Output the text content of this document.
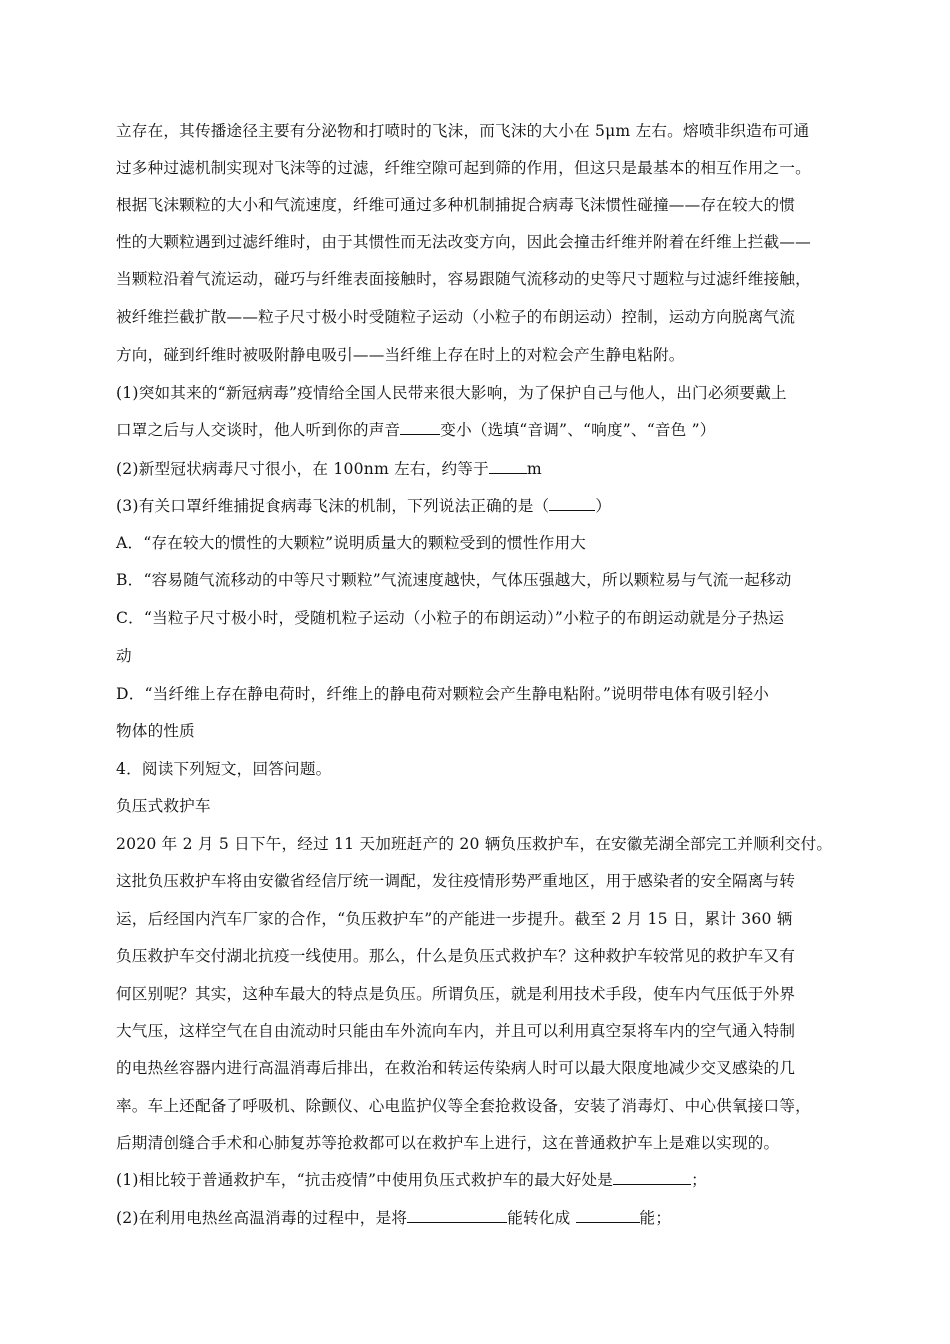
立存在，其传播途径主要有分泌物和打喷时的飞沫，而飞沫的大小在 5μm 左右。熔喷非织造布可通
过多种过滤机制实现对飞沫等的过滤，纤维空隙可起到筛的作用，但这只是最基本的相互作用之一。
根据飞沫颗粒的大小和气流速度，纤维可通过多种机制捕捉合病毒飞沫惯性碰撞——存在较大的惯
性的大颗粒遇到过滤纤维时，由于其惯性而无法改变方向，因此会撞击纤维并附着在纤维上拦截——
当颗粒沿着气流运动，碰巧与纤维表面接触时，容易跟随气流移动的史等尺寸题粒与过滤纤维接触，
被纤维拦截扩散——粒子尺寸极小时受随粒子运动（小粒子的布朗运动）控制，运动方向脱离气流
方向，碰到纤维时被吸附静电吸引——当纤维上存在时上的对粒会产生静电粘附。
(1)突如其来的“新冠病毒”疫情给全国人民带来很大影响，为了保护自己与他人，出门必须要戴上
口罩之后与人交谈时，他人听到你的声音	变小（选填“音调”、“响度”、“音色 ”）
(2)新型冠状病毒尺寸很小，在 100nm 左右，约等于 m
(3)有关口罩纤维捕捉食病毒飞沫的机制，下列说法正确的是（	）
A．“存在较大的惯性的大颗粒”说明质量大的颗粒受到的惯性作用大
B．“容易随气流移动的中等尺寸颗粒”气流速度越快，气体压强越大，所以颗粒易与气流一起移动
C．“当粒子尺寸极小时，受随机粒子运动（小粒子的布朗运动）”小粒子的布朗运动就是分子热运
动
D．“当纤维上存在静电荷时，纤维上的静电荷对颗粒会产生静电粘附。”说明带电体有吸引轻小
物体的性质
4．阅读下列短文，回答问题。
负压式救护车
2020 年 2 月 5 日下午，经过 11 天加班赶产的 20 辆负压救护车，在安徽芜湖全部完工并顺利交付。
这批负压救护车将由安徽省经信厅统一调配，发往疫情形势严重地区，用于感染者的安全隔离与转
运，后经国内汽车厂家的合作，“负压救护车”的产能进一步提升。截至 2 月 15 日，累计 360 辆
负压救护车交付湖北抗疫一线使用。那么，什么是负压式救护车？这种救护车较常见的救护车又有
何区别呢？其实，这种车最大的特点是负压。所谓负压，就是利用技术手段，使车内气压低于外界
大气压，这样空气在自由流动时只能由车外流向车内，并且可以利用真空泵将车内的空气通入特制
的电热丝容器内进行高温消毒后排出，在救治和转运传染病人时可以最大限度地减少交叉感染的几
率。车上还配备了呼吸机、除颤仪、心电监护仪等全套抢救设备，安装了消毒灯、中心供氧接口等，
后期清创缝合手术和心肺复苏等抢救都可以在救护车上进行，这在普通救护车上是难以实现的。
(1)相比较于普通救护车，“抗击疫情”中使用负压式救护车的最大好处是	；
(2)在利用电热丝高温消毒的过程中，是将	能转化成	能；
